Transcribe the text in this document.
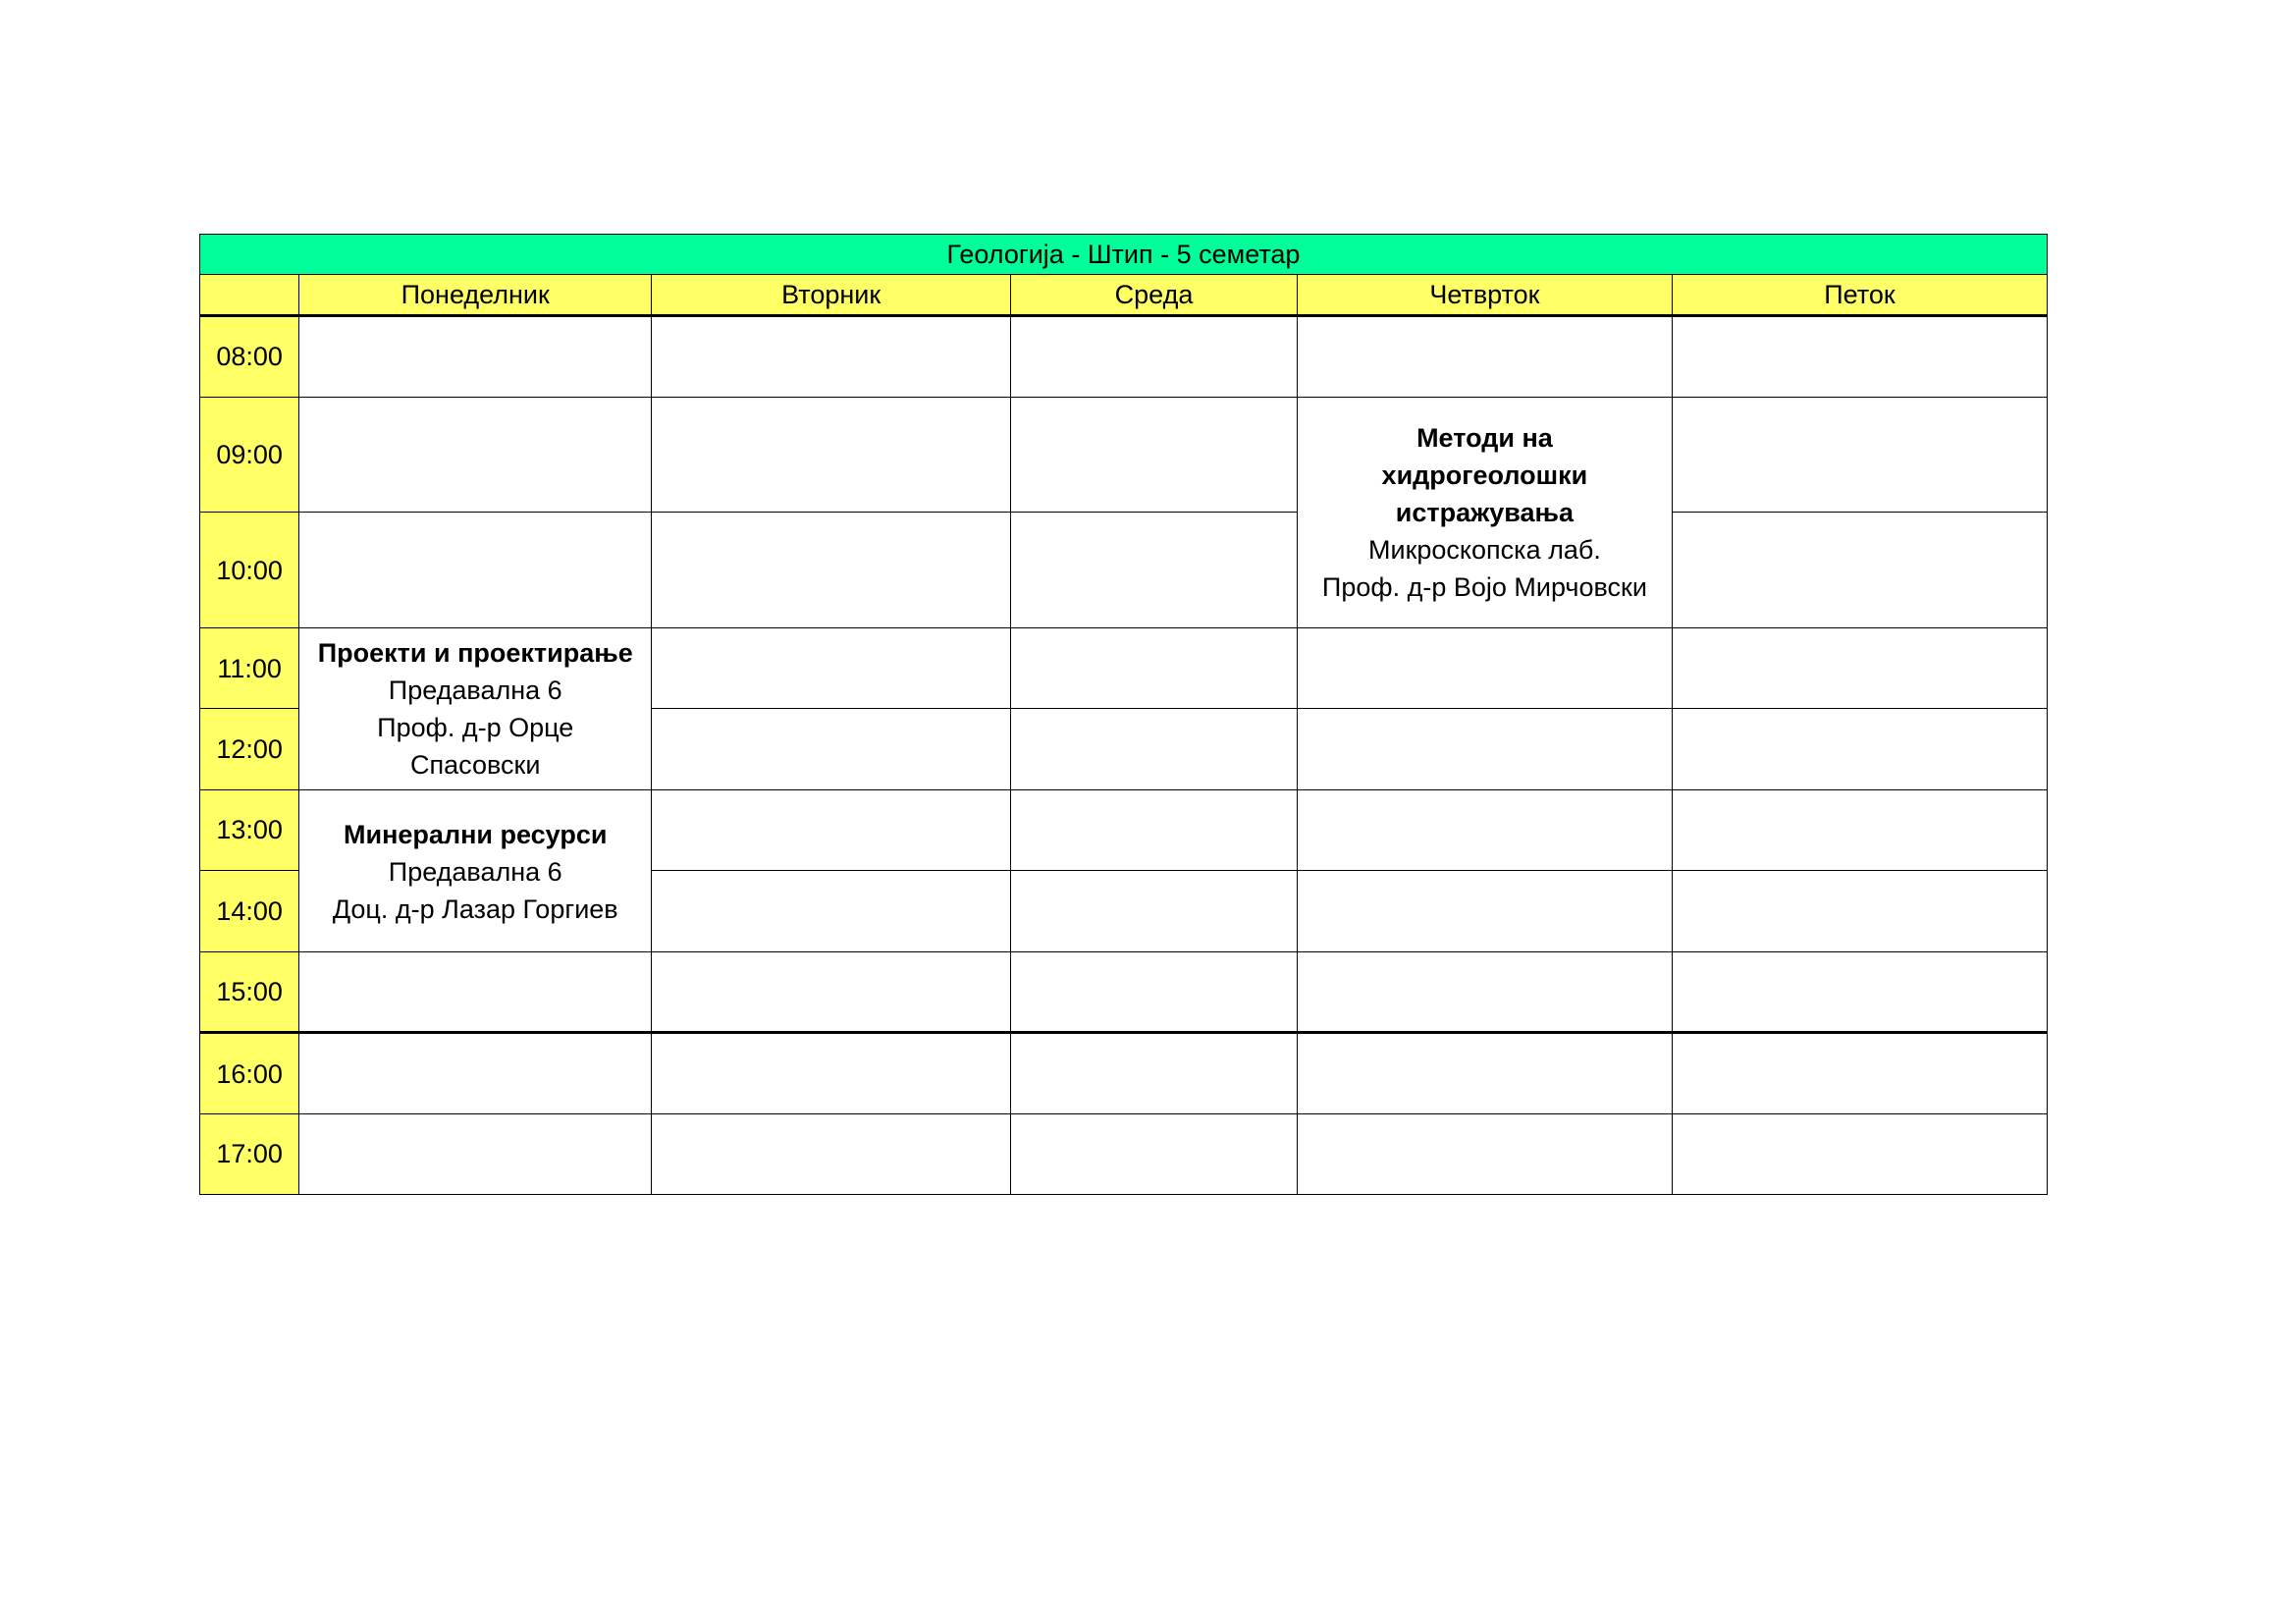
Геологија - Штип - 5 семетар					
	Понеделник	Вторник	Среда	Четврток	Петок
08:00					
09:00				Методи на хидрогеолошки истражувања
Микроскопска лаб.
Проф. д-р Војо Мирчовски	

10:00					
11:00	Проекти и проектирање
Предавална 6
Проф. д-р Орце Спасовски				

12:00					
13:00	Минерални ресурси
Предавална 6
Доц. д-р Лазар Горгиев				

14:00					
15:00					
16:00					
17:00					
